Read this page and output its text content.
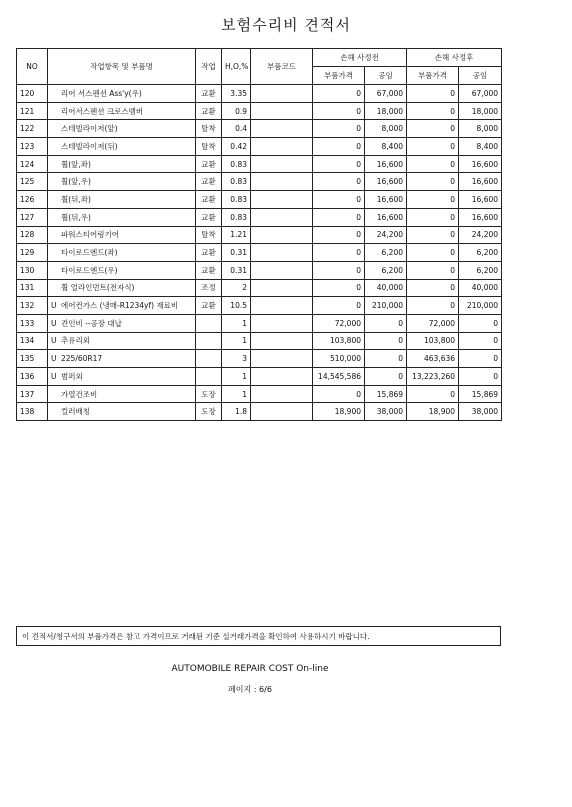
보험수리비 견적서
NO	작업항목 및 부품명	작업	H,O,%	부품코드	손해 사정전		손해 사정후	
					부품가격	공임	부품가격	공임
120	리어 서스펜션 Ass'y(우)	교환	3.35		0	67,000	0	67,000
121	리어서스펜션 크로스멤버	교환	0.9		0	18,000	0	18,000
122	스테빌라이저(앞)	탈착	0.4		0	8,000	0	8,000
123	스테빌라이저(뒤)	탈착	0.42		0	8,400	0	8,400
124	휠(앞,좌)	교환	0.83		0	16,600	0	16,600
125	휠(앞,우)	교환	0.83		0	16,600	0	16,600
126	휠(뒤,좌)	교환	0.83		0	16,600	0	16,600
127	휠(뒤,우)	교환	0.83		0	16,600	0	16,600
128	파워스티어링기어	탈착	1.21		0	24,200	0	24,200
129	타이로드엔드(좌)	교환	0.31		0	6,200	0	6,200
130	타이로드엔드(우)	교환	0.31		0	6,200	0	6,200
131	휠 얼라인먼트(전자식)	조정	2		0	40,000	0	40,000
132	U 에어컨가스 (냉매-R1234yf) 재료비	교환	10.5		0	210,000	0	210,000
133	U 견인비 --공장 대납		1		72,000	0	72,000	0
134	U 추유리외		1		103,800	0	103,800	0
135	U 225/60R17		3		510,000	0	463,636	0
136	U 범퍼외		1		14,545,586	0	13,223,260	0
137	가열건조비	도장	1		0	15,869	0	15,869
138	컬러배칭	도장	1.8		18,900	38,000	18,900	38,000
이 견적서/청구서의 부품가격은 참고 가격이므로 거래된 기준 실거래가격을 확인하여 사용하시기 바랍니다.
AUTOMOBILE REPAIR COST On-line
페이지 : 6/6
